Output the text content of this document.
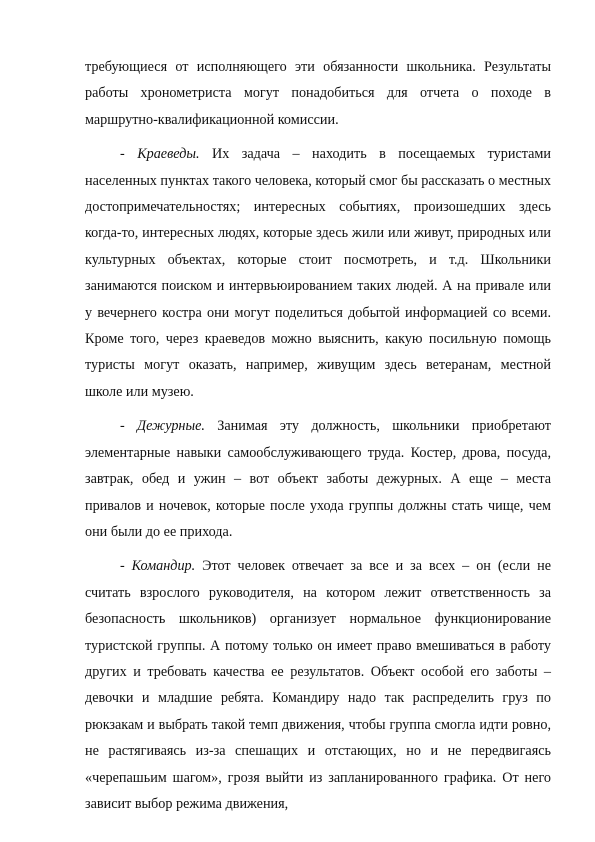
требующиеся от исполняющего эти обязанности школьника. Результаты работы хронометриста могут понадобиться для отчета о походе в маршрутно-квалификационной комиссии.

- Краеведы. Их задача – находить в посещаемых туристами населенных пунктах такого человека, который смог бы рассказать о местных достопримечательностях; интересных событиях, произошедших здесь когда-то, интересных людях, которые здесь жили или живут, природных или культурных объектах, которые стоит посмотреть, и т.д. Школьники занимаются поиском и интервьюированием таких людей. А на привале или у вечернего костра они могут поделиться добытой информацией со всеми. Кроме того, через краеведов можно выяснить, какую посильную помощь туристы могут оказать, например, живущим здесь ветеранам, местной школе или музею.

- Дежурные. Занимая эту должность, школьники приобретают элементарные навыки самообслуживающего труда. Костер, дрова, посуда, завтрак, обед и ужин – вот объект заботы дежурных. А еще – места привалов и ночевок, которые после ухода группы должны стать чище, чем они были до ее прихода.

- Командир. Этот человек отвечает за все и за всех – он (если не считать взрослого руководителя, на котором лежит ответственность за безопасность школьников) организует нормальное функционирование туристской группы. А потому только он имеет право вмешиваться в работу других и требовать качества ее результатов. Объект особой его заботы – девочки и младшие ребята. Командиру надо так распределить груз по рюкзакам и выбрать такой темп движения, чтобы группа смогла идти ровно, не растягиваясь из-за спешащих и отстающих, но и не передвигаясь «черепашьим шагом», грозя выйти из запланированного графика. От него зависит выбор режима движения,
